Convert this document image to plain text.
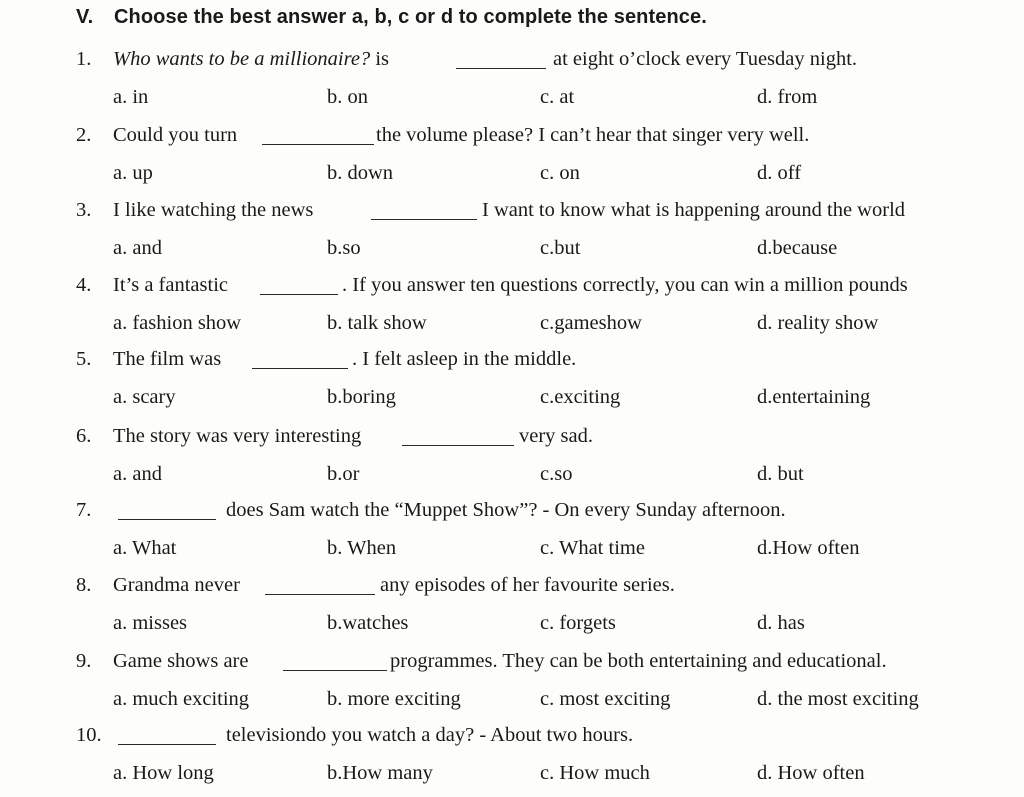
V. Choose the best answer a, b, c or d to complete the sentence.
1. Who wants to be a millionaire? is	at eight o’clock every Tuesday night.
a. in	b. on	c. at	d. from
2. Could you turn	the volume please? I can’t hear that singer very well.
a. up	b. down	c. on	d. off
3. I like watching the news	I want to know what is happening around the world
a. and	b.so	c.but	d.because
4. It’s a fantastic	. If you answer ten questions correctly, you can win a million pounds
a. fashion show	b. talk show	c.gameshow	d. reality show
5. The film was	. I felt asleep in the middle.
a. scary	b.boring	c.exciting	d.entertaining
6. The story was very interesting	very sad.
a. and	b.or	c.so	d. but
7.	does Sam watch the “Muppet Show”? - On every Sunday afternoon.
a. What	b. When	c. What time	d.How often
8. Grandma never	any episodes of her favourite series.
a. misses	b.watches	c. forgets	d. has
9. Game shows are	programmes. They can be both entertaining and educational.
a. much exciting	b. more exciting	c. most exciting	d. the most exciting
10.	televisiondo you watch a day? - About two hours.
a. How long	b.How many	c. How much	d. How often
